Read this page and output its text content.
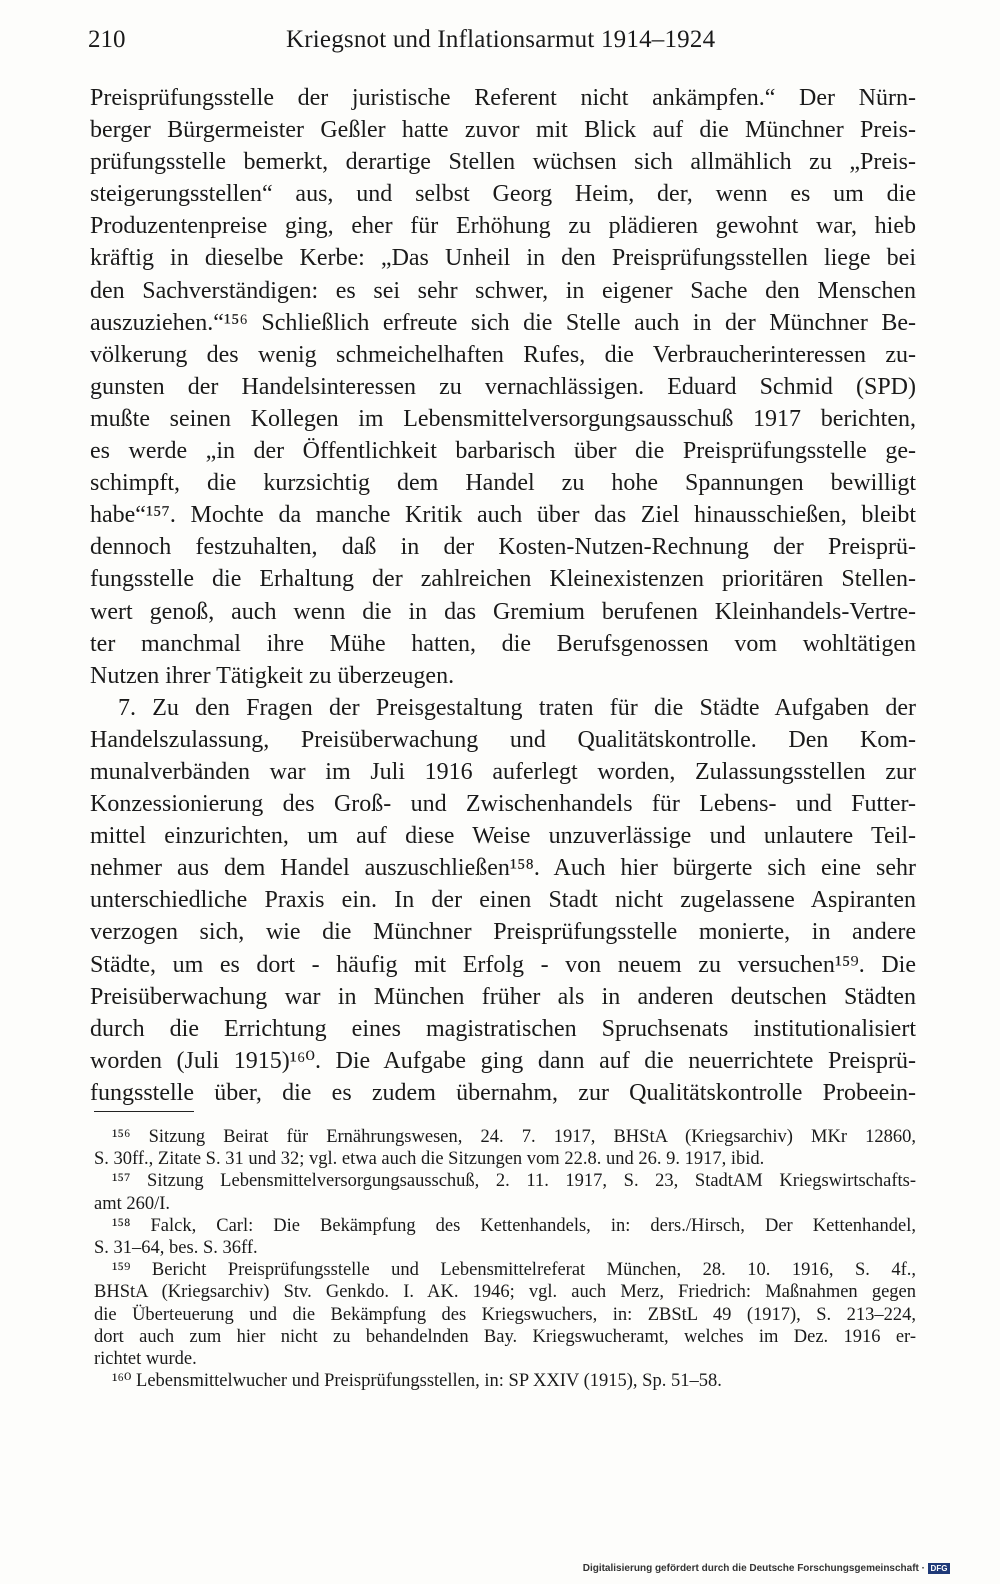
210	Kriegsnot und Inflationsarmut 1914–1924
Preisprüfungsstelle der juristische Referent nicht ankämpfen.“ Der Nürn-
berger Bürgermeister Geßler hatte zuvor mit Blick auf die Münchner Preis-
prüfungsstelle bemerkt, derartige Stellen wüchsen sich allmählich zu „Preis-
steigerungsstellen“ aus, und selbst Georg Heim, der, wenn es um die
Produzentenpreise ging, eher für Erhöhung zu plädieren gewohnt war, hieb
kräftig in dieselbe Kerbe: „Das Unheil in den Preisprüfungsstellen liege bei
den Sachverständigen: es sei sehr schwer, in eigener Sache den Menschen
auszuziehen.“¹⁵⁶ Schließlich erfreute sich die Stelle auch in der Münchner Be-
völkerung des wenig schmeichelhaften Rufes, die Verbraucherinteressen zu-
gunsten der Handelsinteressen zu vernachlässigen. Eduard Schmid (SPD)
mußte seinen Kollegen im Lebensmittelversorgungsausschuß 1917 berichten,
es werde „in der Öffentlichkeit barbarisch über die Preisprüfungsstelle ge-
schimpft, die kurzsichtig dem Handel zu hohe Spannungen bewilligt
habe“¹⁵⁷. Mochte da manche Kritik auch über das Ziel hinausschießen, bleibt
dennoch festzuhalten, daß in der Kosten-Nutzen-Rechnung der Preisprü-
fungsstelle die Erhaltung der zahlreichen Kleinexistenzen prioritären Stellen-
wert genoß, auch wenn die in das Gremium berufenen Kleinhandels-Vertre-
ter manchmal ihre Mühe hatten, die Berufsgenossen vom wohltätigen
Nutzen ihrer Tätigkeit zu überzeugen.
7. Zu den Fragen der Preisgestaltung traten für die Städte Aufgaben der
Handelszulassung, Preisüberwachung und Qualitätskontrolle. Den Kom-
munalverbänden war im Juli 1916 auferlegt worden, Zulassungsstellen zur
Konzessionierung des Groß- und Zwischenhandels für Lebens- und Futter-
mittel einzurichten, um auf diese Weise unzuverlässige und unlautere Teil-
nehmer aus dem Handel auszuschließen¹⁵⁸. Auch hier bürgerte sich eine sehr
unterschiedliche Praxis ein. In der einen Stadt nicht zugelassene Aspiranten
verzogen sich, wie die Münchner Preisprüfungsstelle monierte, in andere
Städte, um es dort - häufig mit Erfolg - von neuem zu versuchen¹⁵⁹. Die
Preisüberwachung war in München früher als in anderen deutschen Städten
durch die Errichtung eines magistratischen Spruchsenats institutionalisiert
worden (Juli 1915)¹⁶⁰. Die Aufgabe ging dann auf die neuerrichtete Preisprü-
fungsstelle über, die es zudem übernahm, zur Qualitätskontrolle Probeein-
¹⁵⁶ Sitzung Beirat für Ernährungswesen, 24. 7. 1917, BHStA (Kriegsarchiv) MKr 12860,
S. 30ff., Zitate S. 31 und 32; vgl. etwa auch die Sitzungen vom 22.8. und 26. 9. 1917, ibid.
¹⁵⁷ Sitzung Lebensmittelversorgungsausschuß, 2. 11. 1917, S. 23, StadtAM Kriegswirtschafts-
amt 260/I.
¹⁵⁸ Falck, Carl: Die Bekämpfung des Kettenhandels, in: ders./Hirsch, Der Kettenhandel,
S. 31–64, bes. S. 36ff.
¹⁵⁹ Bericht Preisprüfungsstelle und Lebensmittelreferat München, 28. 10. 1916, S. 4f.,
BHStA (Kriegsarchiv) Stv. Genkdo. I. AK. 1946; vgl. auch Merz, Friedrich: Maßnahmen gegen
die Überteuerung und die Bekämpfung des Kriegswuchers, in: ZBStL 49 (1917), S. 213–224,
dort auch zum hier nicht zu behandelnden Bay. Kriegswucheramt, welches im Dez. 1916 er-
richtet wurde.
¹⁶⁰ Lebensmittelwucher und Preisprüfungsstellen, in: SP XXIV (1915), Sp. 51–58.
Digitalisierung gefördert durch die Deutsche Forschungsgemeinschaft · DFG
